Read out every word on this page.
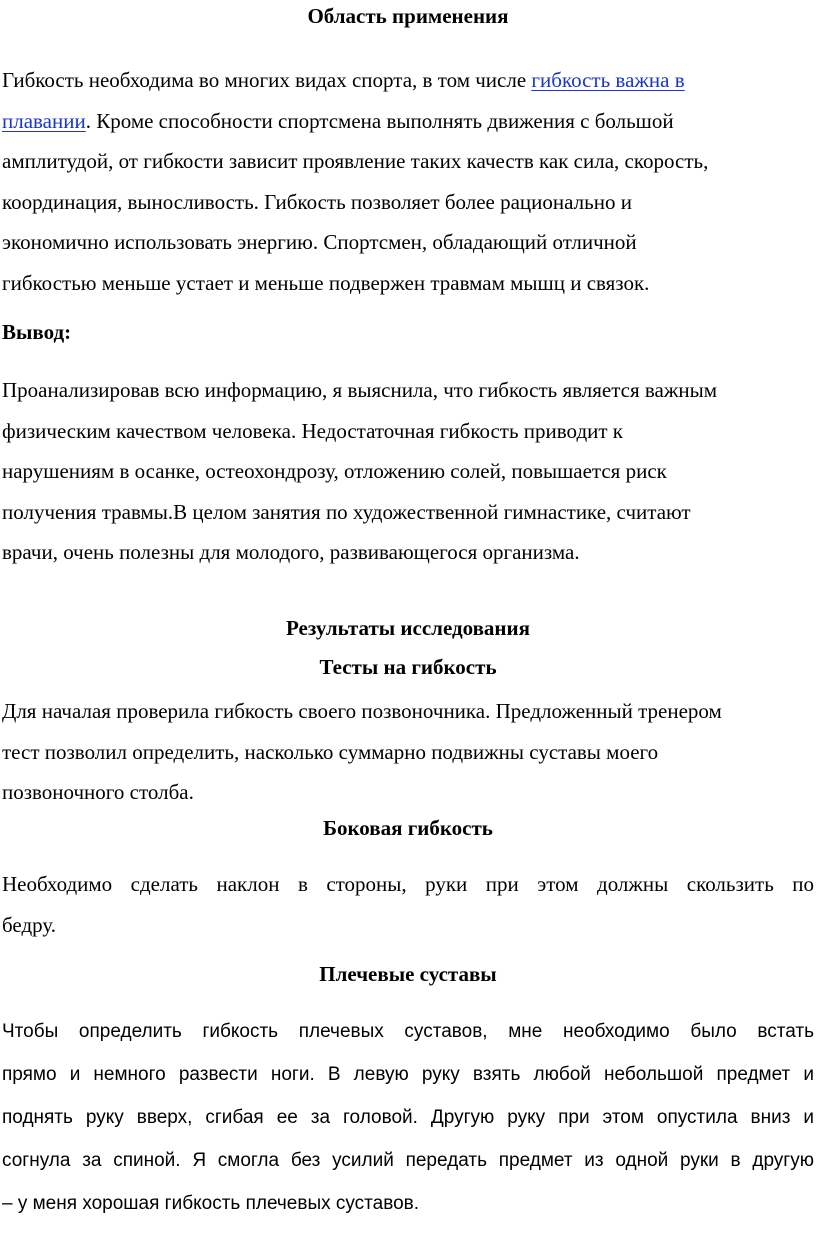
Область применения
Гибкость необходима во многих видах спорта, в том числе гибкость важна в
плавании. Кроме способности спортсмена выполнять движения с большой
амплитудой, от гибкости зависит проявление таких качеств как сила, скорость,
координация, выносливость. Гибкость позволяет более рационально и
экономично использовать энергию. Спортсмен, обладающий отличной
гибкостью меньше устает и меньше подвержен травмам мышц и связок.
Вывод:
Проанализировав всю информацию, я выяснила, что гибкость является важным
физическим качеством человека. Недостаточная гибкость приводит к
нарушениям в осанке, остеохондрозу, отложению солей, повышается риск
получения травмы.В целом занятия по художественной гимнастике, считают
врачи, очень полезны для молодого, развивающегося организма.
Результаты исследования
Тесты на гибкость
Для началая проверила гибкость своего позвоночника. Предложенный тренером
тест позволил определить, насколько суммарно подвижны суставы моего
позвоночного столба.
Боковая гибкость
Необходимо сделать наклон в стороны, руки при этом должны скользить по
бедру.
Плечевые суставы
Чтобы определить гибкость плечевых суставов, мне необходимо было встать
прямо и немного развести ноги. В левую руку взять любой небольшой предмет и
поднять руку вверх, сгибая ее за головой. Другую руку при этом опустила вниз и
согнула за спиной. Я смогла без усилий передать предмет из одной руки в другую
– у меня хорошая гибкость плечевых суставов.
